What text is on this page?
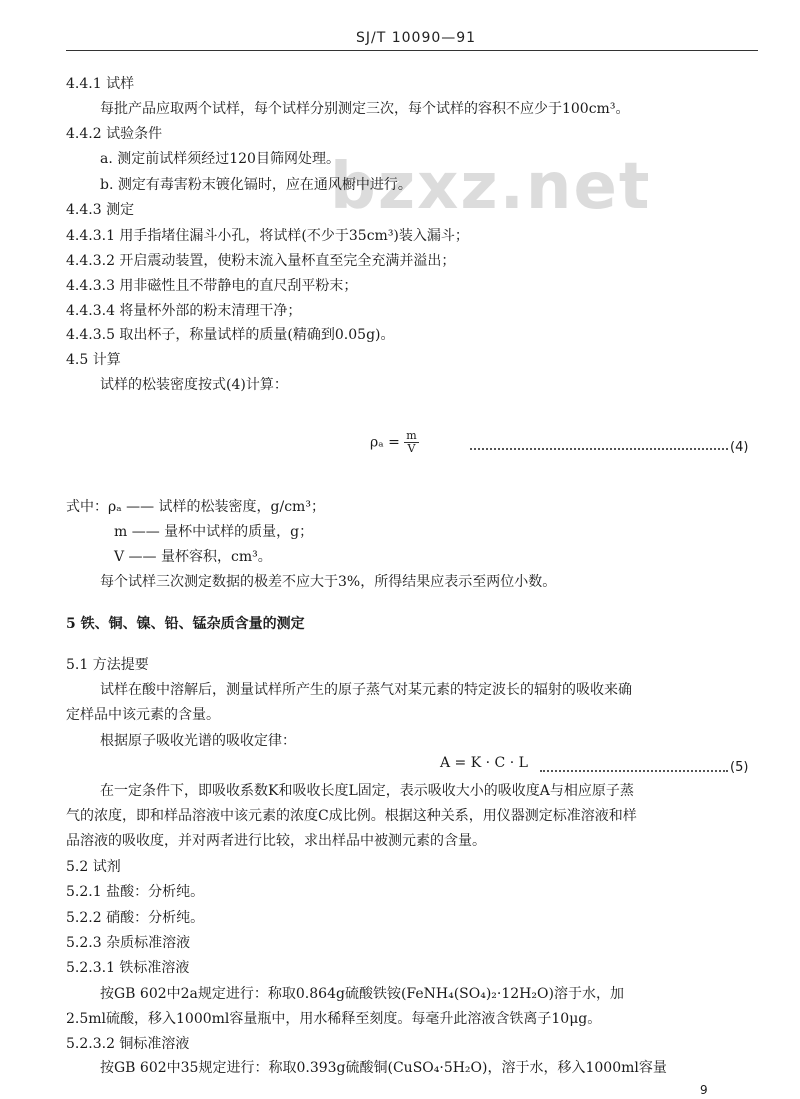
SJ/T 10090—91
bzxz.net
4.4.1 试样
每批产品应取两个试样，每个试样分别测定三次，每个试样的容积不应少于100cm³。
4.4.2 试验条件
a. 测定前试样须经过120目筛网处理。
b. 测定有毒害粉末镀化镉时，应在通风橱中进行。
4.4.3 测定
4.4.3.1 用手指堵住漏斗小孔，将试样(不少于35cm³)装入漏斗；
4.4.3.2 开启震动装置，使粉末流入量杯直至完全充满并溢出；
4.4.3.3 用非磁性且不带静电的直尺刮平粉末；
4.4.3.4 将量杯外部的粉末清理干净；
4.4.3.5 取出杯子，称量试样的质量(精确到0.05g)。
4.5 计算
试样的松装密度按式(4)计算：
$\rho_a = \frac{m}{V}$	(4)
式中：ρₐ —— 试样的松装密度，g/cm³；
m —— 量杯中试样的质量，g；
V —— 量杯容积，cm³。
每个试样三次测定数据的极差不应大于3%，所得结果应表示至两位小数。
5 铁、铜、镍、铅、锰杂质含量的测定
5.1 方法提要
试样在酸中溶解后，测量试样所产生的原子蒸气对某元素的特定波长的辐射的吸收来确
定样品中该元素的含量。
根据原子吸收光谱的吸收定律：
A = K · C · L	(5)
在一定条件下，即吸收系数K和吸收长度L固定，表示吸收大小的吸收度A与相应原子蒸
气的浓度，即和样品溶液中该元素的浓度C成比例。根据这种关系，用仪器测定标准溶液和样
品溶液的吸收度，并对两者进行比较，求出样品中被测元素的含量。
5.2 试剂
5.2.1 盐酸：分析纯。
5.2.2 硝酸：分析纯。
5.2.3 杂质标准溶液
5.2.3.1 铁标准溶液
按GB 602中2a规定进行：称取0.864g硫酸铁铵(FeNH₄(SO₄)₂·12H₂O)溶于水，加
2.5ml硫酸，移入1000ml容量瓶中，用水稀释至刻度。每毫升此溶液含铁离子10μg。
5.2.3.2 铜标准溶液
按GB 602中35规定进行：称取0.393g硫酸铜(CuSO₄·5H₂O)，溶于水，移入1000ml容量
9
